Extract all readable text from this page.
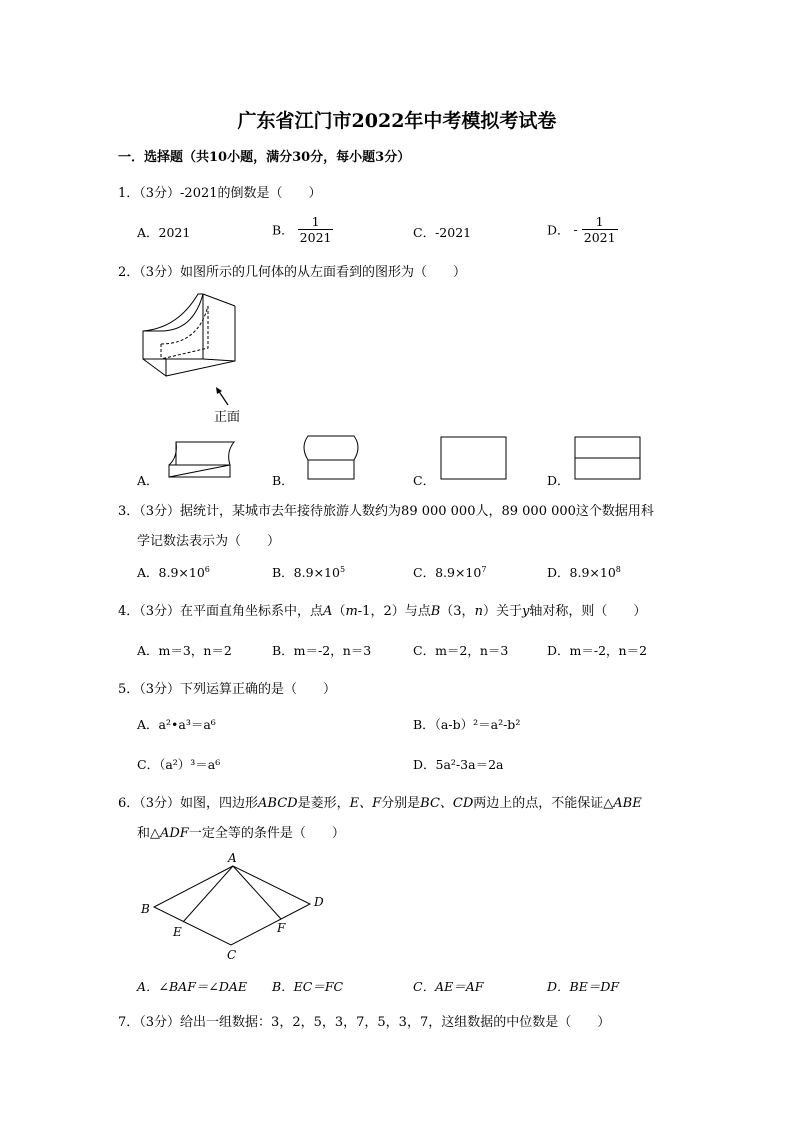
广东省江门市2022年中考模拟考试卷
一．选择题（共10小题，满分30分，每小题3分）
1．（3分）-2021的倒数是（　　）
A．2021	B． $\frac{1}{2021}$	C．-2021	D． - $\frac{1}{2021}$
2．（3分）如图所示的几何体的从左面看到的图形为（　　）
正面
A．	B．	C．	D．
3．（3分）据统计，某城市去年接待旅游人数约为89 000 000人，89 000 000这个数据用科
学记数法表示为（　　）
A．$8.9\times 10^6$	B．$8.9\times 10^5$	C．$8.9\times 10^7$	D．$8.9\times 10^8$
4．（3分）在平面直角坐标系中，点A（m-1，2）与点B（3，n）关于y轴对称，则（　　）
A．m＝3，n＝2	B．m＝-2，n＝3	C．m＝2，n＝3	D．m＝-2，n＝2
5．（3分）下列运算正确的是（　　）
A．a²•a³＝a⁶	B．（a-b）²＝a²-b²
C．（a²）³＝a⁶	D．5a²-3a＝2a
6．（3分）如图，四边形ABCD是菱形，E、F分别是BC、CD两边上的点，不能保证△ABE
和△ADF一定全等的条件是（　　）
A
B
C
D
E	F
A．∠BAF＝∠DAE B．EC＝FC	C．AE＝AF	D．BE＝DF
7．（3分）给出一组数据：3，2，5，3，7，5，3，7，这组数据的中位数是（　　）
